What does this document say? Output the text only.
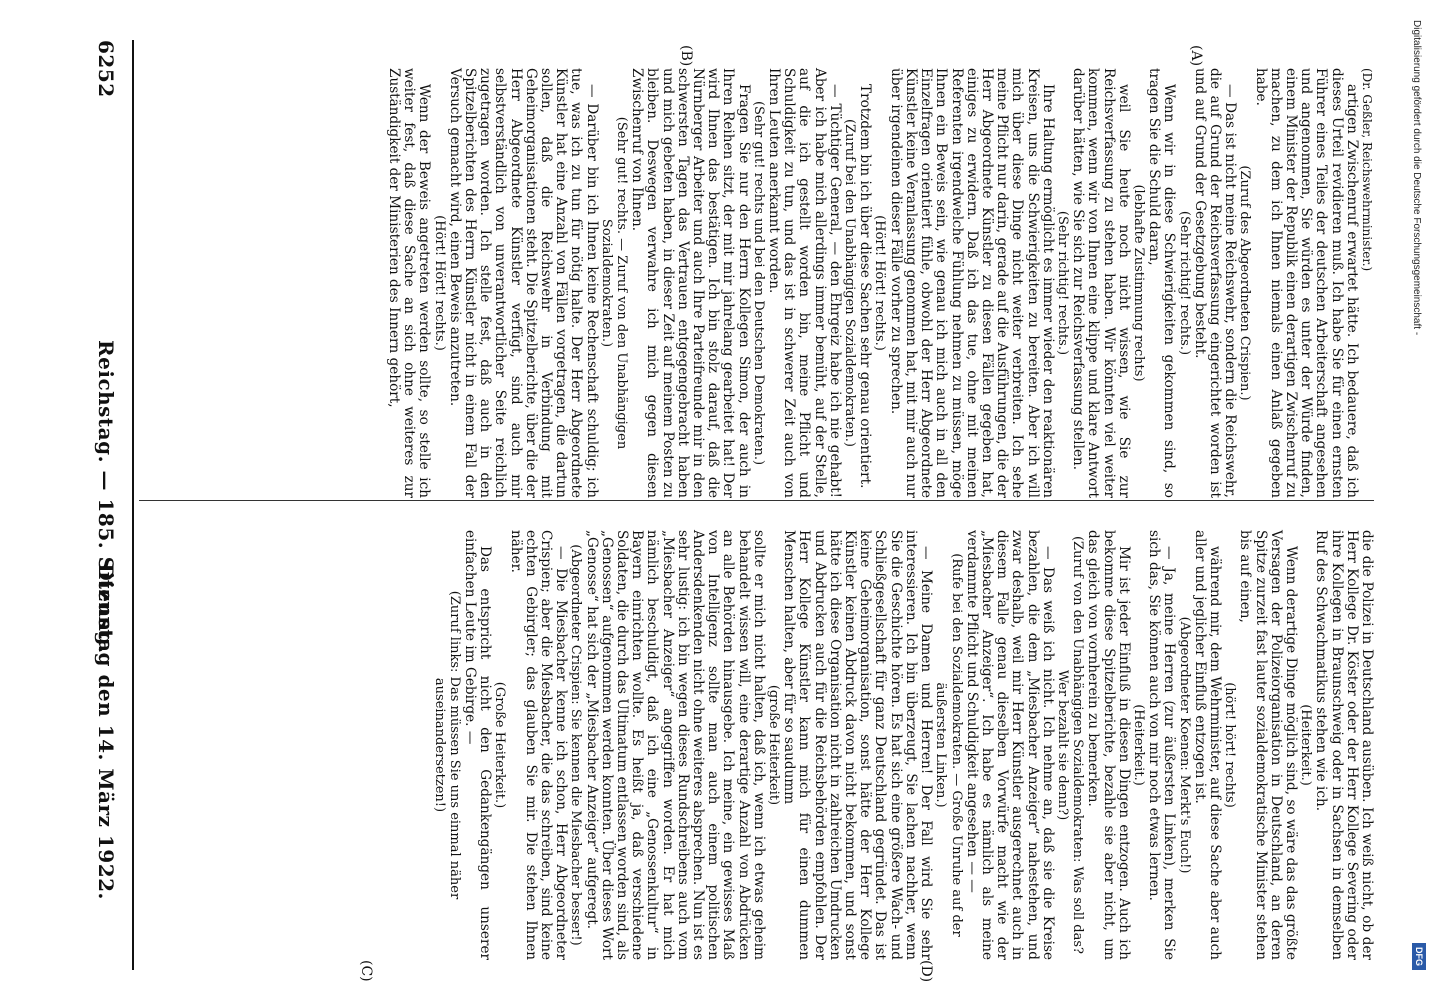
(A)
(B)
(C)	(D)

(Dr. Geßler, Reichswehrminister.)

artigen Zwischenruf erwartet hätte. Ich bedauere, daß ich dieses Urteil revidieren muß. Ich habe Sie für einen ernsten Führer eines Teiles der deutschen Arbeiterschaft angesehen und angenommen, Sie würden es unter der Würde finden, einem Minister der Republik einen derartigen Zwischenruf zu machen, zu dem ich Ihnen niemals einen Anlaß gegeben habe.

(Zuruf des Abgeordneten Crispien.)

— Das ist nicht meine Reichswehr, sondern die Reichswehr, die auf Grund der Reichsverfassung eingerichtet worden ist und auf Grund der Gesetzgebung besteht.

(Sehr richtig! rechts.)

Wenn wir in diese Schwierigkeiten gekommen sind, so tragen Sie die Schuld daran,

(lebhafte Zustimmung rechts)

weil Sie heute noch nicht wissen, wie Sie zur Reichsverfassung zu stehen haben. Wir könnten viel weiter kommen, wenn wir von Ihnen eine klippe und klare Antwort darüber hätten, wie Sie sich zur Reichsverfassung stellen.

(Sehr richtig! rechts.)

Ihre Haltung ermöglicht es immer wieder den reaktionären Kreisen, uns die Schwierigkeiten zu bereiten. Aber ich will mich über diese Dinge nicht weiter verbreiten. Ich sehe meine Pflicht nur darin, gerade auf die Ausführungen, die der Herr Abgeordnete Künstler zu diesen Fällen gegeben hat, einiges zu erwidern. Daß ich das tue, ohne mit meinen Referenten irgendwelche Fühlung nehmen zu müssen, möge Ihnen ein Beweis sein, wie genau ich mich auch in all den Einzelfragen orientiert fühle, obwohl der Herr Abgeordnete Künstler keine Veranlassung genommen hat, mit mir auch nur über irgendeinen dieser Fälle vorher zu sprechen.

(Hört! Hört! rechts.)

Trotzdem bin ich über diese Sachen sehr genau orientiert.

(Zuruf bei den Unabhängigen Sozialdemokraten.)

— Tüchtiger General, — den Ehrgeiz habe ich nie gehabt! Aber ich habe mich allerdings immer bemüht, auf der Stelle, auf die ich gestellt worden bin, meine Pflicht und Schuldigkeit zu tun, und das ist in schwerer Zeit auch von Ihren Leuten anerkannt worden.

(Sehr gut! rechts und bei den Deutschen Demokraten.)

Fragen Sie nur den Herrn Kollegen Simon, der auch in Ihren Reihen sitzt, der mit mir jahrelang gearbeitet hat! Der wird Ihnen das bestätigen. Ich bin stolz darauf, daß die Nürnberger Arbeiter und auch Ihre Parteifreunde mir in den schwersten Tagen das Vertrauen entgegengebracht haben und mich gebeten haben, in dieser Zeit auf meinem Posten zu bleiben. Deswegen verwahre ich mich gegen diesen Zwischenruf von Ihnen.

(Sehr gut! rechts. — Zuruf von den Unabhängigen Sozialdemokraten.)

— Darüber bin ich Ihnen keine Rechenschaft schuldig; ich tue, was ich zu tun für nötig halte. Der Herr Abgeordnete Künstler hat eine Anzahl von Fällen vorgetragen, die dartun sollen, daß die Reichswehr in Verbindung mit Geheimorganisationen steht. Die Spitzelberichte, über die der Herr Abgeordnete Künstler verfügt, sind auch mir selbstverständlich von unverantwortlicher Seite reichlich zugetragen worden. Ich stelle fest, daß auch in den Spitzelberichten des Herrn Künstler nicht in einem Fall der Versuch gemacht wird, einen Beweis anzutreten.

(Hört! Hört! rechts.)

Wenn der Beweis angetreten werden sollte, so stelle ich weiter fest, daß diese Sache an sich ohne weiteres zur Zuständigkeit der Ministerien des Innern gehört,

die die Polizei in Deutschland ausüben. Ich weiß nicht, ob der Herr Kollege Dr. Köster oder der Herr Kollege Severing oder ihre Kollegen in Braunschweig oder in Sachsen in demselben Ruf des Schwachmatikus stehen wie ich.

(Heiterkeit.)

Wenn derartige Dinge möglich sind, so wäre das das größte Versagen der Polizeiorganisation in Deutschland, an deren Spitze zurzeit fast lauter sozialdemokratische Minister stehen bis auf einen,

(hört! hört! rechts)

während mir, dem Wehrminister, auf diese Sache aber auch aller und jeglicher Einfluß entzogen ist.

(Abgeordneter Koenen: Merkt's Euch!)

— Ja, meine Herren (zur äußersten Linken), merken Sie sich das, Sie können auch von mir noch etwas lernen.

(Heiterkeit.)

Mir ist jeder Einfluß in diesen Dingen entzogen. Auch ich bekomme diese Spitzelberichte, bezahle sie aber nicht, um das gleich von vornherein zu bemerken.

(Zuruf von den Unabhängigen Sozialdemokraten: Was soll das? Wer bezahlt sie denn?)

— Das weiß ich nicht. Ich nehme an, daß sie die Kreise bezahlen, die dem „Miesbacher Anzeiger“ nahestehen, und zwar deshalb, weil mir Herr Künstler ausgerechnet auch in diesem Falle genau dieselben Vorwürfe macht wie der „Miesbacher Anzeiger“. Ich habe es nämlich als meine verdammte Pflicht und Schuldigkeit angesehen — —

(Rufe bei den Sozialdemokraten. — Große Unruhe auf der äußersten Linken.)

— Meine Damen und Herren! Der Fall wird Sie sehr interessieren. Ich bin überzeugt, Sie lachen nachher, wenn Sie die Geschichte hören. Es hat sich eine größere Wach- und Schließgesellschaft für ganz Deutschland gegründet. Das ist keine Geheimorganisation, sonst hätte der Herr Kollege Künstler keinen Abdruck davon nicht bekommen, und sonst hätte ich diese Organisation nicht in zahlreichen Umdrucken und Abdrucken auch für die Reichsbehörden empfohlen. Der Herr Kollege Künstler kann mich für einen dummen Menschen halten, aber für so saudumm

(große Heiterkeit)

sollte er mich nicht halten, daß ich, wenn ich etwas geheim behandelt wissen will, eine derartige Anzahl von Abdrücken an alle Behörden hinausgebe. Ich meine, ein gewisses Maß von Intelligenz sollte man auch einem politischen Andersdenkenden nicht ohne weiteres absprechen. Nun ist es sehr lustig: ich bin wegen dieses Rundschreibens auch vom „Miesbacher Anzeiger“ angegriffen worden. Er hat mich nämlich beschuldigt, daß ich eine „Genossenkultur“ in Bayern einrichten wollte. Es heißt ja, daß verschiedene Soldaten, die durch das Ultimatum entlassen worden sind, als „Genossen“ aufgenommen werden konnten. Über dieses Wort „Genosse“ hat sich der „Miesbacher Anzeiger“ aufgeregt.

(Abgeordneter Crispien: Sie kennen die Miesbacher besser!)

— Die Miesbacher kenne ich schon, Herr Abgeordneter Crispien; aber die Miesbacher, die das schreiben, sind keine echten Gebirgler; das glauben Sie mir. Die stehen Ihnen näher.

(Große Heiterkeit.)

Das entspricht nicht den Gedankengängen unserer einfachen Leute im Gebirge. —

(Zuruf links: Das müssen Sie uns einmal näher auseinandersetzen!)

6252
Reichstag. — 185. Sitzung.
Dienstag den 14. März 1922.
Digitalisierung gefördert durch die Deutsche Forschungsgemeinschaft -
DFG
